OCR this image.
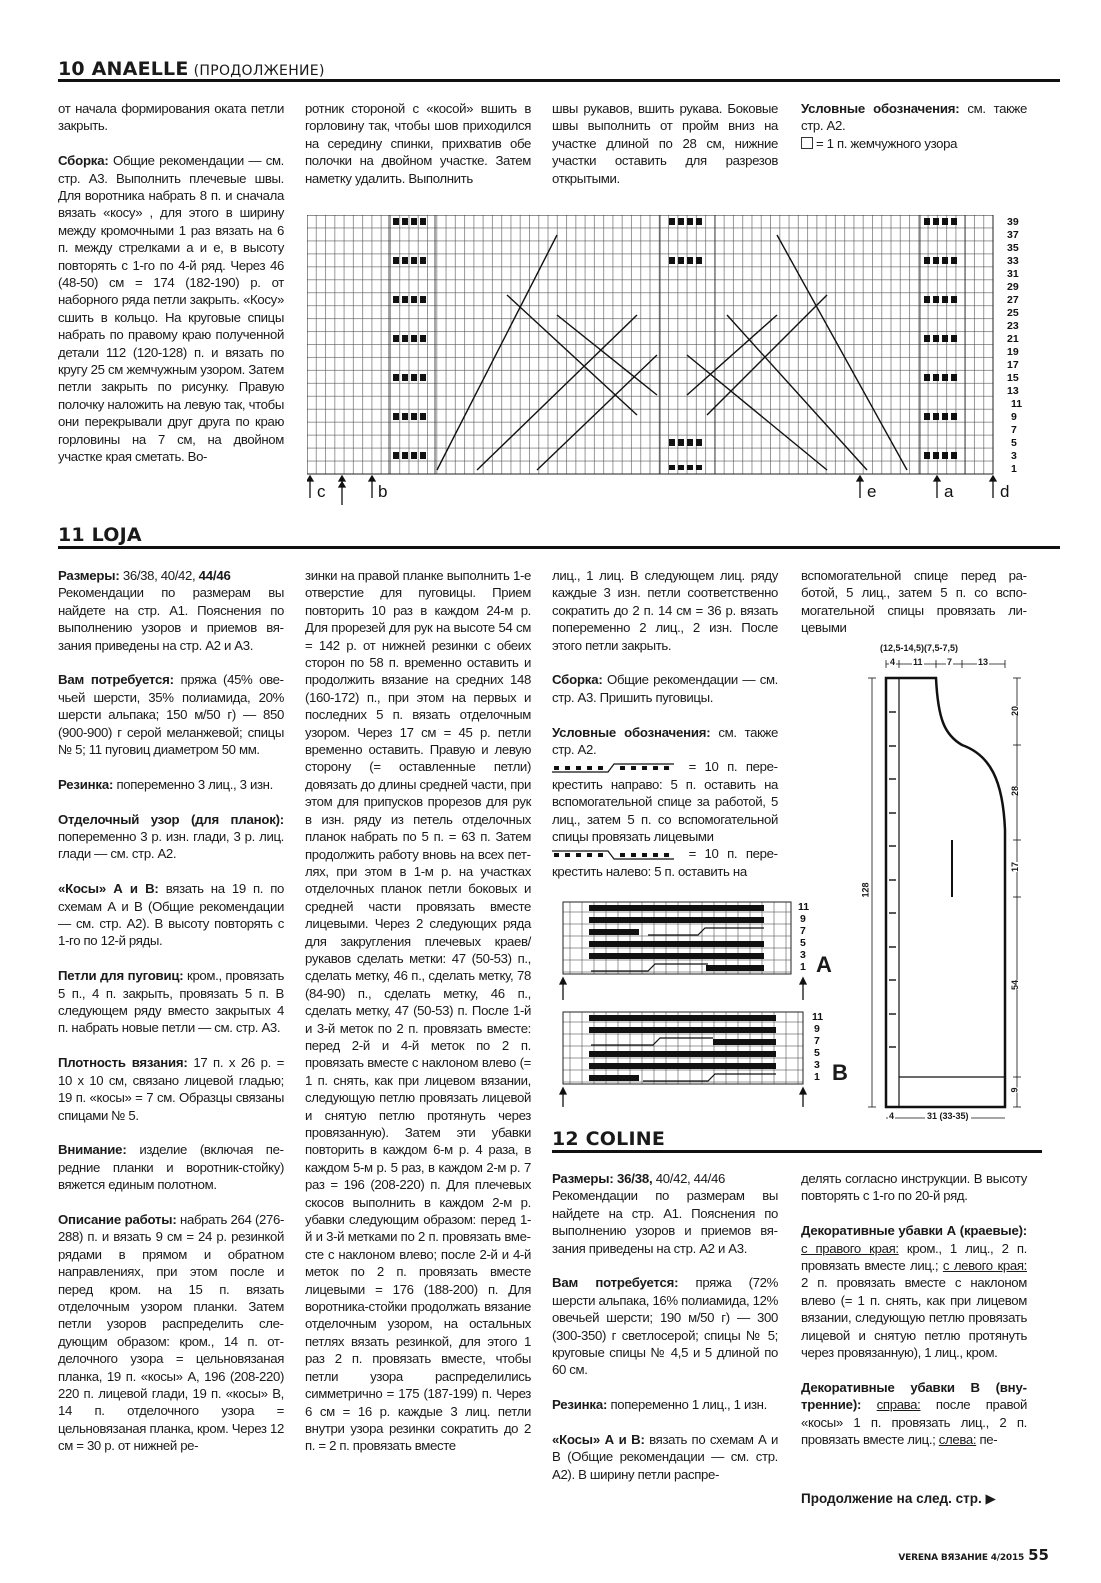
10 ANAELLE (ПРОДОЛЖЕНИЕ)

от начала формирования оката петли закрыть.

Сборка: Общие рекомендации — см. стр. А3. Выполнить плечевые швы. Для воротника набрать 8 п. и сначала вязать «косу» , для этого в ширину между кромочными 1 раз вязать на 6 п. между стрелками а и е, в высоту повторять с 1-го по 4-й ряд. Через 46 (48-50) см = 174 (182-190) р. от наборного ряда петли закрыть. «Косу» сшить в кольцо. На круговые спицы набрать по правому краю полученной детали 112 (120-128) п. и вязать по кругу 25 см жемчужным узором. Затем петли закрыть по рисунку. Правую полочку наложить на левую так, чтобы они перекрывали друг друга по краю горловины на 7 см, на двойном участке края сметать. Во-

ротник стороной с «косой» вшить в горловину так, чтобы шов приходился на середину спинки, прихватив обе полочки на двойном участке. Затем наметку удалить. Выполнить

швы рукавов, вшить рукава. Боковые швы выполнить от пройм вниз на участке длиной по 28 см, нижние участки оставить для разрезов открытыми.

Условные обозначения: см. также стр. А2.
= 1 п. жемчужного узора
39
37
35
33
31
29
27
25
23
21
19
17
15
13
11
9
7
5
3
1
c	b	e	a	d
11 LOJA

Размеры: 36/38, 40/42, 44/46
Рекомендации по размерам вы найдете на стр. А1. Пояснения по выполнению узоров и приемов вязания приведены на стр. А2 и А3.

Вам потребуется: пряжа (45% овечьей шерсти, 35% полиамида, 20% шерсти альпака; 150 м/50 г) — 850 (900-900) г серой меланжевой; спицы № 5; 11 пуговиц диаметром 50 мм.

Резинка: попеременно 3 лиц., 3 изн.

Отделочный узор (для планок): попеременно 3 р. изн. глади, 3 р. лиц. глади — см. стр. А2.

«Косы» А и В: вязать на 19 п. по схемам А и В (Общие рекомендации — см. стр. А2). В высоту повторять с 1-го по 12-й ряды.

Петли для пуговиц: кром., провязать 5 п., 4 п. закрыть, провязать 5 п. В следующем ряду вместо закрытых 4 п. набрать новые петли — см. стр. А3.

Плотность вязания: 17 п. х 26 р. = 10 х 10 см, связано лицевой гладью; 19 п. «косы» = 7 см. Образцы связаны спицами № 5.

Внимание: изделие (включая передние планки и воротник-стойку) вяжется единым полотном.

Описание работы: набрать 264 (276-288) п. и вязать 9 см = 24 р. резинкой рядами в прямом и обратном направлениях, при этом после и перед кром. на 15 п. вязать отделочным узором планки. Затем петли узоров распределить следующим образом: кром., 14 п. отделочного узора = цельновязаная планка, 19 п. «косы» А, 196 (208-220) 220 п. лицевой глади, 19 п. «косы» В, 14 п. отделочного узора = цельновязаная планка, кром. Через 12 см = 30 р. от нижней ре-

зинки на правой планке выполнить 1-е отверстие для пуговицы. Прием повторить 10 раз в каждом 24-м р. Для прорезей для рук на высоте 54 см = 142 р. от нижней резинки с обеих сторон по 58 п. временно оставить и продолжить вязание на средних 148 (160-172) п., при этом на первых и последних 5 п. вязать отделочным узором. Через 17 см = 45 р. петли временно оставить. Правую и левую сторону (= оставленные петли) довязать до длины средней части, при этом для припусков прорезов для рук в изн. ряду из петель отделочных планок набрать по 5 п. = 63 п. Затем продолжить работу вновь на всех петлях, при этом в 1-м р. на участках отделочных планок петли боковых и средней части провязать вместе лицевыми. Через 2 следующих ряда для закругления плечевых краев/рукавов сделать метки: 47 (50-53) п., сделать метку, 46 п., сделать метку, 78 (84-90) п., сделать метку, 46 п., сделать метку, 47 (50-53) п. После 1-й и 3-й меток по 2 п. провязать вместе: перед 2-й и 4-й меток по 2 п. провязать вместе с наклоном влево (= 1 п. снять, как при лицевом вязании, следующую петлю провязать лицевой и снятую петлю протянуть через провязанную). Затем эти убавки повторить в каждом 6-м р. 4 раза, в каждом 5-м р. 5 раз, в каждом 2-м р. 7 раз = 196 (208-220) п. Для плечевых скосов выполнить в каждом 2-м р. убавки следующим образом: перед 1-й и 3-й метками по 2 п. провязать вместе с наклоном влево; после 2-й и 4-й меток по 2 п. провязать вместе лицевыми = 176 (188-200) п. Для воротника-стойки продолжать вязание отделочным узором, на остальных петлях вязать резинкой, для этого 1 раз 2 п. провязать вместе, чтобы петли узора распределились симметрично = 175 (187-199) п. Через 6 см = 16 р. каждые 3 лиц. петли внутри узора резинки сократить до 2 п. = 2 п. провязать вместе

лиц., 1 лиц. В следующем лиц. ряду каждые 3 изн. петли соответственно сократить до 2 п. 14 см = 36 р. вязать попеременно 2 лиц., 2 изн. После этого петли закрыть.

Сборка: Общие рекомендации — см. стр. А3. Пришить пуговицы.

Условные обозначения: см. также стр. А2.
= 10 п. перекрестить направо: 5 п. оставить на вспомогательной спице за работой, 5 лиц., затем 5 п. со вспомогательной спицы провязать лицевыми
= 10 п. перекрестить налево: 5 п. оставить на

вспомогательной спице перед работой, 5 лиц., затем 5 п. со вспомогательной спицы провязать лицевыми

11
9
7
5
3
1 A
11
9
7
5
3
1 B
(12,5-14,5)(7,5-7,5)
4 11	7	13
128
20
28
17
54
9
4	31 (33-35)
12 COLINE

Размеры: 36/38, 40/42, 44/46
Рекомендации по размерам вы найдете на стр. А1. Пояснения по выполнению узоров и приемов вязания приведены на стр. А2 и А3.

Вам потребуется: пряжа (72% шерсти альпака, 16% полиамида, 12% овечьей шерсти; 190 м/50 г) — 300 (300-350) г светлосерой; спицы № 5; круговые спицы № 4,5 и 5 длиной по 60 см.

Резинка: попеременно 1 лиц., 1 изн.

«Косы» А и В: вязать по схемам А и В (Общие рекомендации — см. стр. А2). В ширину петли распре-

делять согласно инструкции. В высоту повторять с 1-го по 20-й ряд.

Декоративные убавки А (краевые): с правого края: кром., 1 лиц., 2 п. провязать вместе лиц.; с левого края: 2 п. провязать вместе с наклоном влево (= 1 п. снять, как при лицевом вязании, следующую петлю провязать лицевой и снятую петлю протянуть через провязанную), 1 лиц., кром.

Декоративные убавки В (внутренние): справа: после правой «косы» 1 п. провязать лиц., 2 п. провязать вместе лиц.; слева: пе-

Продолжение на след. стр. ▶
VERENA ВЯЗАНИЕ 4/2015 55
